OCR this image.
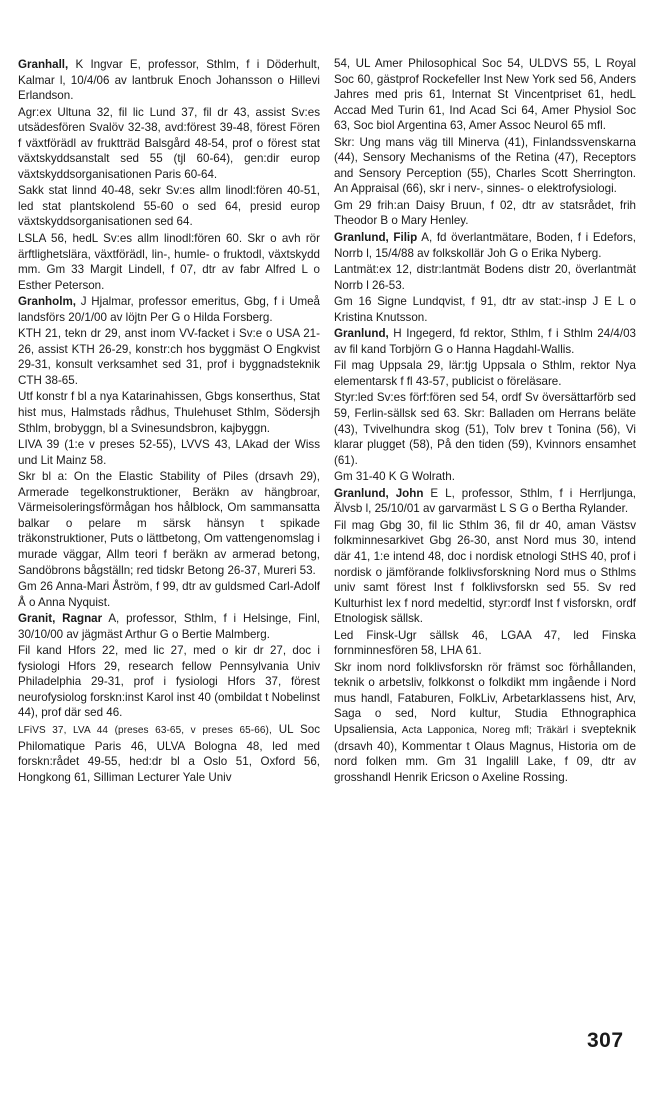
Granhall, K Ingvar E, professor, Sthlm, f i Döderhult, Kalmar l, 10/4/06 av lantbruk Enoch Johansson o Hillevi Erlandson.

Agr:ex Ultuna 32, fil lic Lund 37, fil dr 43, assist Sv:es utsädesfören Svalöv 32-38, avd:förest 39-48, förest Fören f växtförädl av fruktträd Balsgård 48-54, prof o förest stat växtskyddsanstalt sed 55 (tjl 60-64), gen:dir europ växtskyddsorganisationen Paris 60-64.

Sakk stat linnd 40-48, sekr Sv:es allm linodl:fören 40-51, led stat plantskolend 55-60 o sed 64, presid europ växtskyddsorganisationen sed 64.

LSLA 56, hedL Sv:es allm linodl:fören 60. Skr o avh rör ärftlighetslära, växtförädl, lin-, humle- o fruktodl, växtskydd mm. Gm 33 Margit Lindell, f 07, dtr av fabr Alfred L o Esther Peterson.

Granholm, J Hjalmar, professor emeritus, Gbg, f i Umeå landsförs 20/1/00 av löjtn Per G o Hilda Forsberg.

KTH 21, tekn dr 29, anst inom VV-facket i Sv:e o USA 21-26, assist KTH 26-29, konstr:ch hos byggmäst O Engkvist 29-31, konsult verksamhet sed 31, prof i byggnadsteknik CTH 38-65.

Utf konstr f bl a nya Katarinahissen, Gbgs konserthus, Stat hist mus, Halmstads rådhus, Thulehuset Sthlm, Södersjh Sthlm, brobyggn, bl a Svinesundsbron, kajbyggn.

LIVA 39 (1:e v preses 52-55), LVVS 43, LAkad der Wiss und Lit Mainz 58.

Skr bl a: On the Elastic Stability of Piles (drsavh 29), Armerade tegelkonstruktioner, Beräkn av hängbroar, Värmeisoleringsförmågan hos hålblock, Om sammansatta balkar o pelare m särsk hänsyn t spikade träkonstruktioner, Puts o lättbetong, Om vattengenomslag i murade väggar, Allm teori f beräkn av armerad betong, Sandöbrons bågställn; red tidskr Betong 26-37, Mureri 53.

Gm 26 Anna-Mari Åström, f 99, dtr av guldsmed Carl-Adolf Å o Anna Nyquist.

Granit, Ragnar A, professor, Sthlm, f i Helsinge, Finl, 30/10/00 av jägmäst Arthur G o Bertie Malmberg.

Fil kand Hfors 22, med lic 27, med o kir dr 27, doc i fysiologi Hfors 29, research fellow Pennsylvania Univ Philadelphia 29-31, prof i fysiologi Hfors 37, förest neurofysiolog forskn:inst Karol inst 40 (ombildat t Nobelinst 44), prof där sed 46.

LFiVS 37, LVA 44 (preses 63-65, v preses 65-66), UL Soc Philomatique Paris 46, ULVA Bologna 48, led med forskn:rådet 49-55, hed:dr bl a Oslo 51, Oxford 56, Hongkong 61, Silliman Lecturer Yale Univ

54, UL Amer Philosophical Soc 54, ULDVS 55, L Royal Soc 60, gästprof Rockefeller Inst New York sed 56, Anders Jahres med pris 61, Internat St Vincentpriset 61, hedL Accad Med Turin 61, Ind Acad Sci 64, Amer Physiol Soc 63, Soc biol Argentina 63, Amer Assoc Neurol 65 mfl.

Skr: Ung mans väg till Minerva (41), Finlandssvenskarna (44), Sensory Mechanisms of the Retina (47), Receptors and Sensory Perception (55), Charles Scott Sherrington. An Appraisal (66), skr i nerv-, sinnes- o elektrofysiologi.

Gm 29 frih:an Daisy Bruun, f 02, dtr av statsrådet, frih Theodor B o Mary Henley.

Granlund, Filip A, fd överlantmätare, Boden, f i Edefors, Norrb l, 15/4/88 av folkskollär Joh G o Erika Nyberg.

Lantmät:ex 12, distr:lantmät Bodens distr 20, överlantmät Norrb l 26-53.

Gm 16 Signe Lundqvist, f 91, dtr av stat:-insp J E L o Kristina Knutsson.

Granlund, H Ingegerd, fd rektor, Sthlm, f i Sthlm 24/4/03 av fil kand Torbjörn G o Hanna Hagdahl-Wallis.

Fil mag Uppsala 29, lär:tjg Uppsala o Sthlm, rektor Nya elementarsk f fl 43-57, publicist o föreläsare.

Styr:led Sv:es förf:fören sed 54, ordf Sv översättarförb sed 59, Ferlin-sällsk sed 63. Skr: Balladen om Herrans beläte (43), Tvivelhundra skog (51), Tolv brev t Tonina (56), Vi klarar plugget (58), På den tiden (59), Kvinnors ensamhet (61).

Gm 31-40 K G Wolrath.

Granlund, John E L, professor, Sthlm, f i Herrljunga, Älvsb l, 25/10/01 av garvarmäst L S G o Bertha Rylander.

Fil mag Gbg 30, fil lic Sthlm 36, fil dr 40, aman Västsv folkminnesarkivet Gbg 26-30, anst Nord mus 30, intend där 41, 1:e intend 48, doc i nordisk etnologi StHS 40, prof i nordisk o jämförande folklivsforskning Nord mus o Sthlms univ samt förest Inst f folklivsforskn sed 55. Sv red Kulturhist lex f nord medeltid, styr:ordf Inst f visforskn, ordf Etnologisk sällsk.

Led Finsk-Ugr sällsk 46, LGAA 47, led Finska fornminnesfören 58, LHA 61.

Skr inom nord folklivsforskn rör främst soc förhållanden, teknik o arbetsliv, folkkonst o folkdikt mm ingående i Nord mus handl, Fataburen, FolkLiv, Arbetarklassens hist, Arv, Saga o sed, Nord kultur, Studia Ethnographica Upsaliensia, Acta Lapponica, Noreg mfl; Träkärl i svepteknik (drsavh 40), Kommentar t Olaus Magnus, Historia om de nord folken mm. Gm 31 Ingalill Lake, f 09, dtr av grosshandl Henrik Ericson o Axeline Rossing.

307
